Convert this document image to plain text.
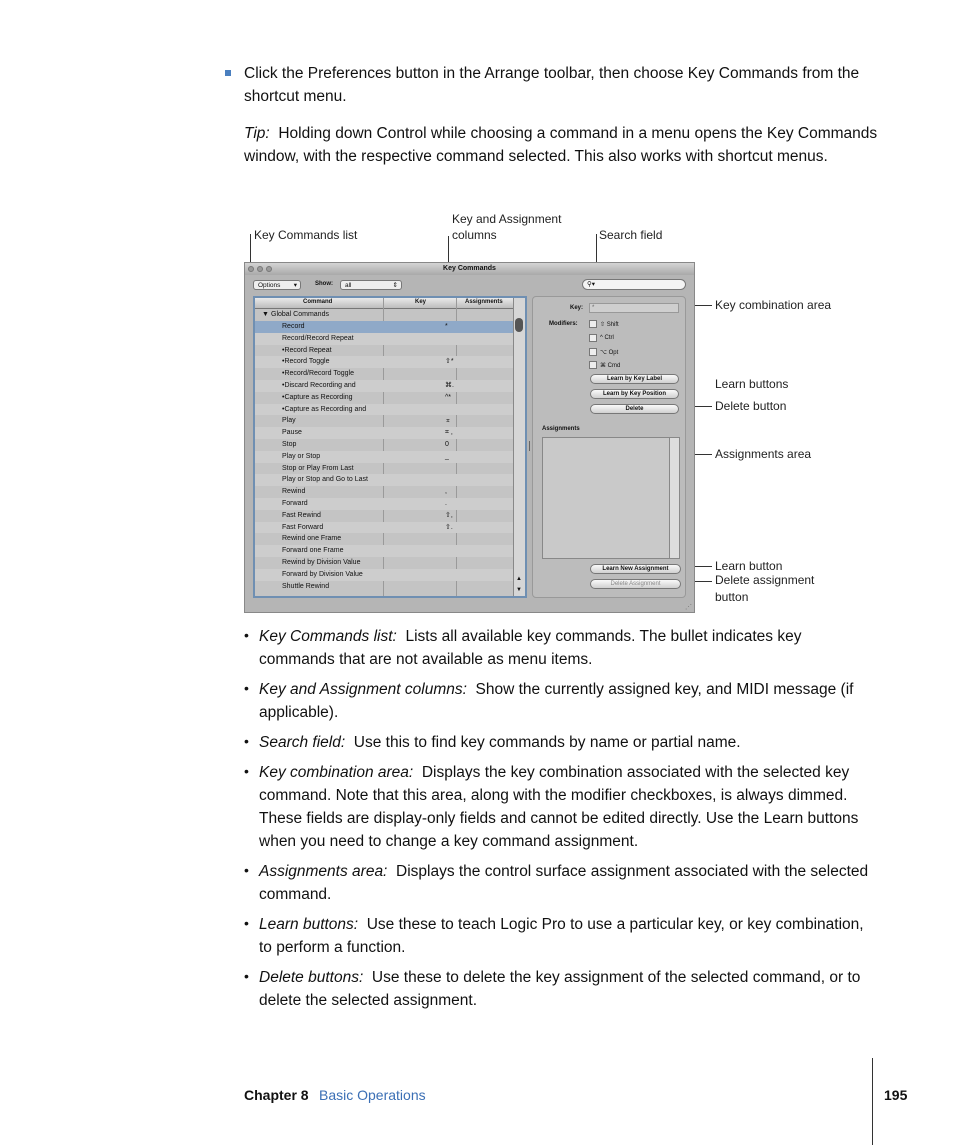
Click the Preferences button in the Arrange toolbar, then choose Key Commands from the shortcut menu.
Tip: Holding down Control while choosing a command in a menu opens the Key Commands window, with the respective command selected. This also works with shortcut menus.
Key Commands list
Key and Assignment columns	Search field
Key combination area
Learn buttons
Delete button
Assignments area
Learn button
Delete assignment button
Key Commands
Options ▾	Show:	all	⇕	⚲▾
Command	Key	Assignments
▼ Global Commands
Record	*
Record/Record Repeat
•Record Repeat
•Record Toggle	⇧*
•Record/Record Toggle
•Discard Recording and	⌘.
•Capture as Recording	^*
•Capture as Recording and
Play	⌅
Pause	⌗ ,
Stop	0
Play or Stop	_
Stop or Play From Last
Play or Stop and Go to Last
Rewind	,
Forward	.
Fast Rewind	⇧,
Fast Forward	⇧.
Rewind one Frame
Forward one Frame
Rewind by Division Value
Forward by Division Value
Shuttle Rewind
▲
▼
Key:	*
Modifiers:	⇧ Shift
^ Ctrl
⌥ Opt
⌘ Cmd
Learn by Key Label
Learn by Key Position
Delete
Assignments
Learn New Assignment
Delete Assignment
⋰
• Key Commands list: Lists all available key commands. The bullet indicates key commands that are not available as menu items.
• Key and Assignment columns: Show the currently assigned key, and MIDI message (if applicable).
• Search field: Use this to find key commands by name or partial name.
• Key combination area: Displays the key combination associated with the selected key command. Note that this area, along with the modifier checkboxes, is always dimmed. These fields are display-only fields and cannot be edited directly. Use the Learn buttons when you need to change a key command assignment.
• Assignments area: Displays the control surface assignment associated with the selected command.
• Learn buttons: Use these to teach Logic Pro to use a particular key, or key combination, to perform a function.
• Delete buttons: Use these to delete the key assignment of the selected command, or to delete the selected assignment.
Chapter 8 Basic Operations	195
